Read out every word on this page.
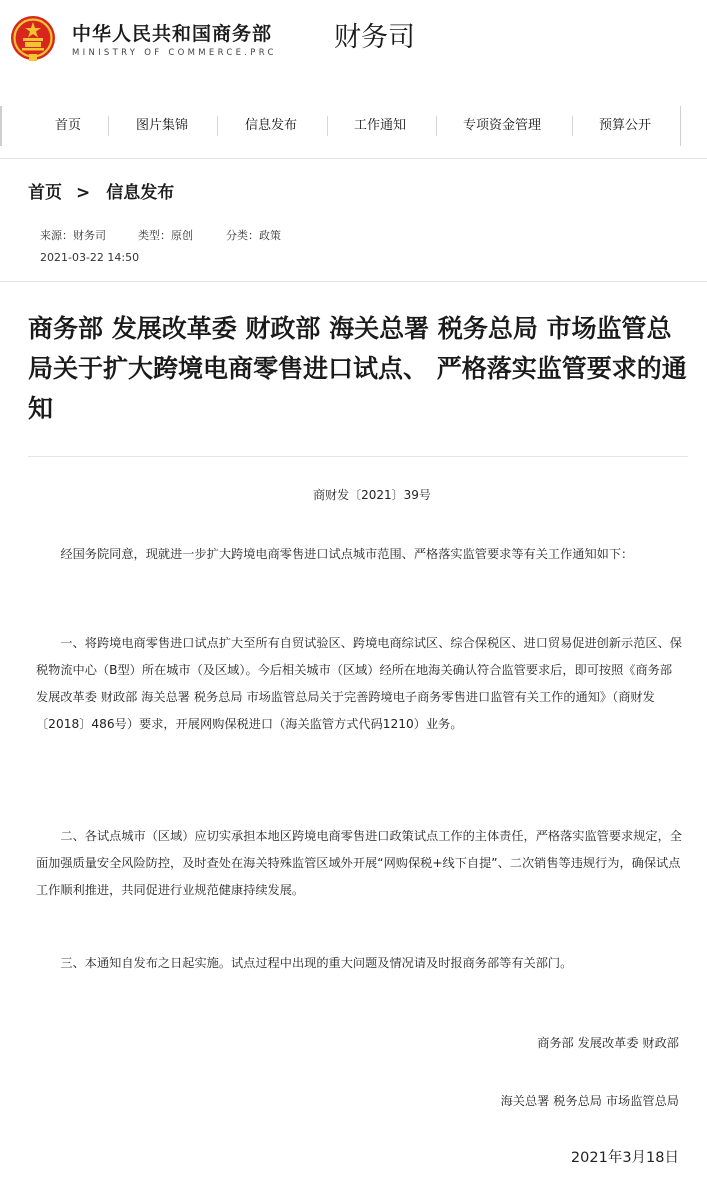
中华人民共和国商务部
MINISTRY OF COMMERCE.PRC 财务司
首页	图片集锦	信息发布	工作通知	专项资金管理	预算公开
首页 > 信息发布
来源：财务司	类型：原创	分类：政策
2021-03-22 14:50
商务部 发展改革委 财政部 海关总署 税务总局 市场监管总局关于扩大跨境电商零售进口试点、 严格落实监管要求的通知
商财发〔2021〕39号

经国务院同意，现就进一步扩大跨境电商零售进口试点城市范围、严格落实监管要求等有关工作通知如下：

一、将跨境电商零售进口试点扩大至所有自贸试验区、跨境电商综试区、综合保税区、进口贸易促进创新示范区、保税物流中心（B型）所在城市（及区域）。今后相关城市（区域）经所在地海关确认符合监管要求后，即可按照《商务部 发展改革委 财政部 海关总署 税务总局 市场监管总局关于完善跨境电子商务零售进口监管有关工作的通知》（商财发〔2018〕486号）要求，开展网购保税进口（海关监管方式代码1210）业务。

二、各试点城市（区域）应切实承担本地区跨境电商零售进口政策试点工作的主体责任，严格落实监管要求规定，全面加强质量安全风险防控，及时查处在海关特殊监管区域外开展“网购保税+线下自提”、二次销售等违规行为，确保试点工作顺利推进，共同促进行业规范健康持续发展。

三、本通知自发布之日起实施。试点过程中出现的重大问题及情况请及时报商务部等有关部门。

商务部 发展改革委 财政部
海关总署 税务总局 市场监管总局
2021年3月18日
